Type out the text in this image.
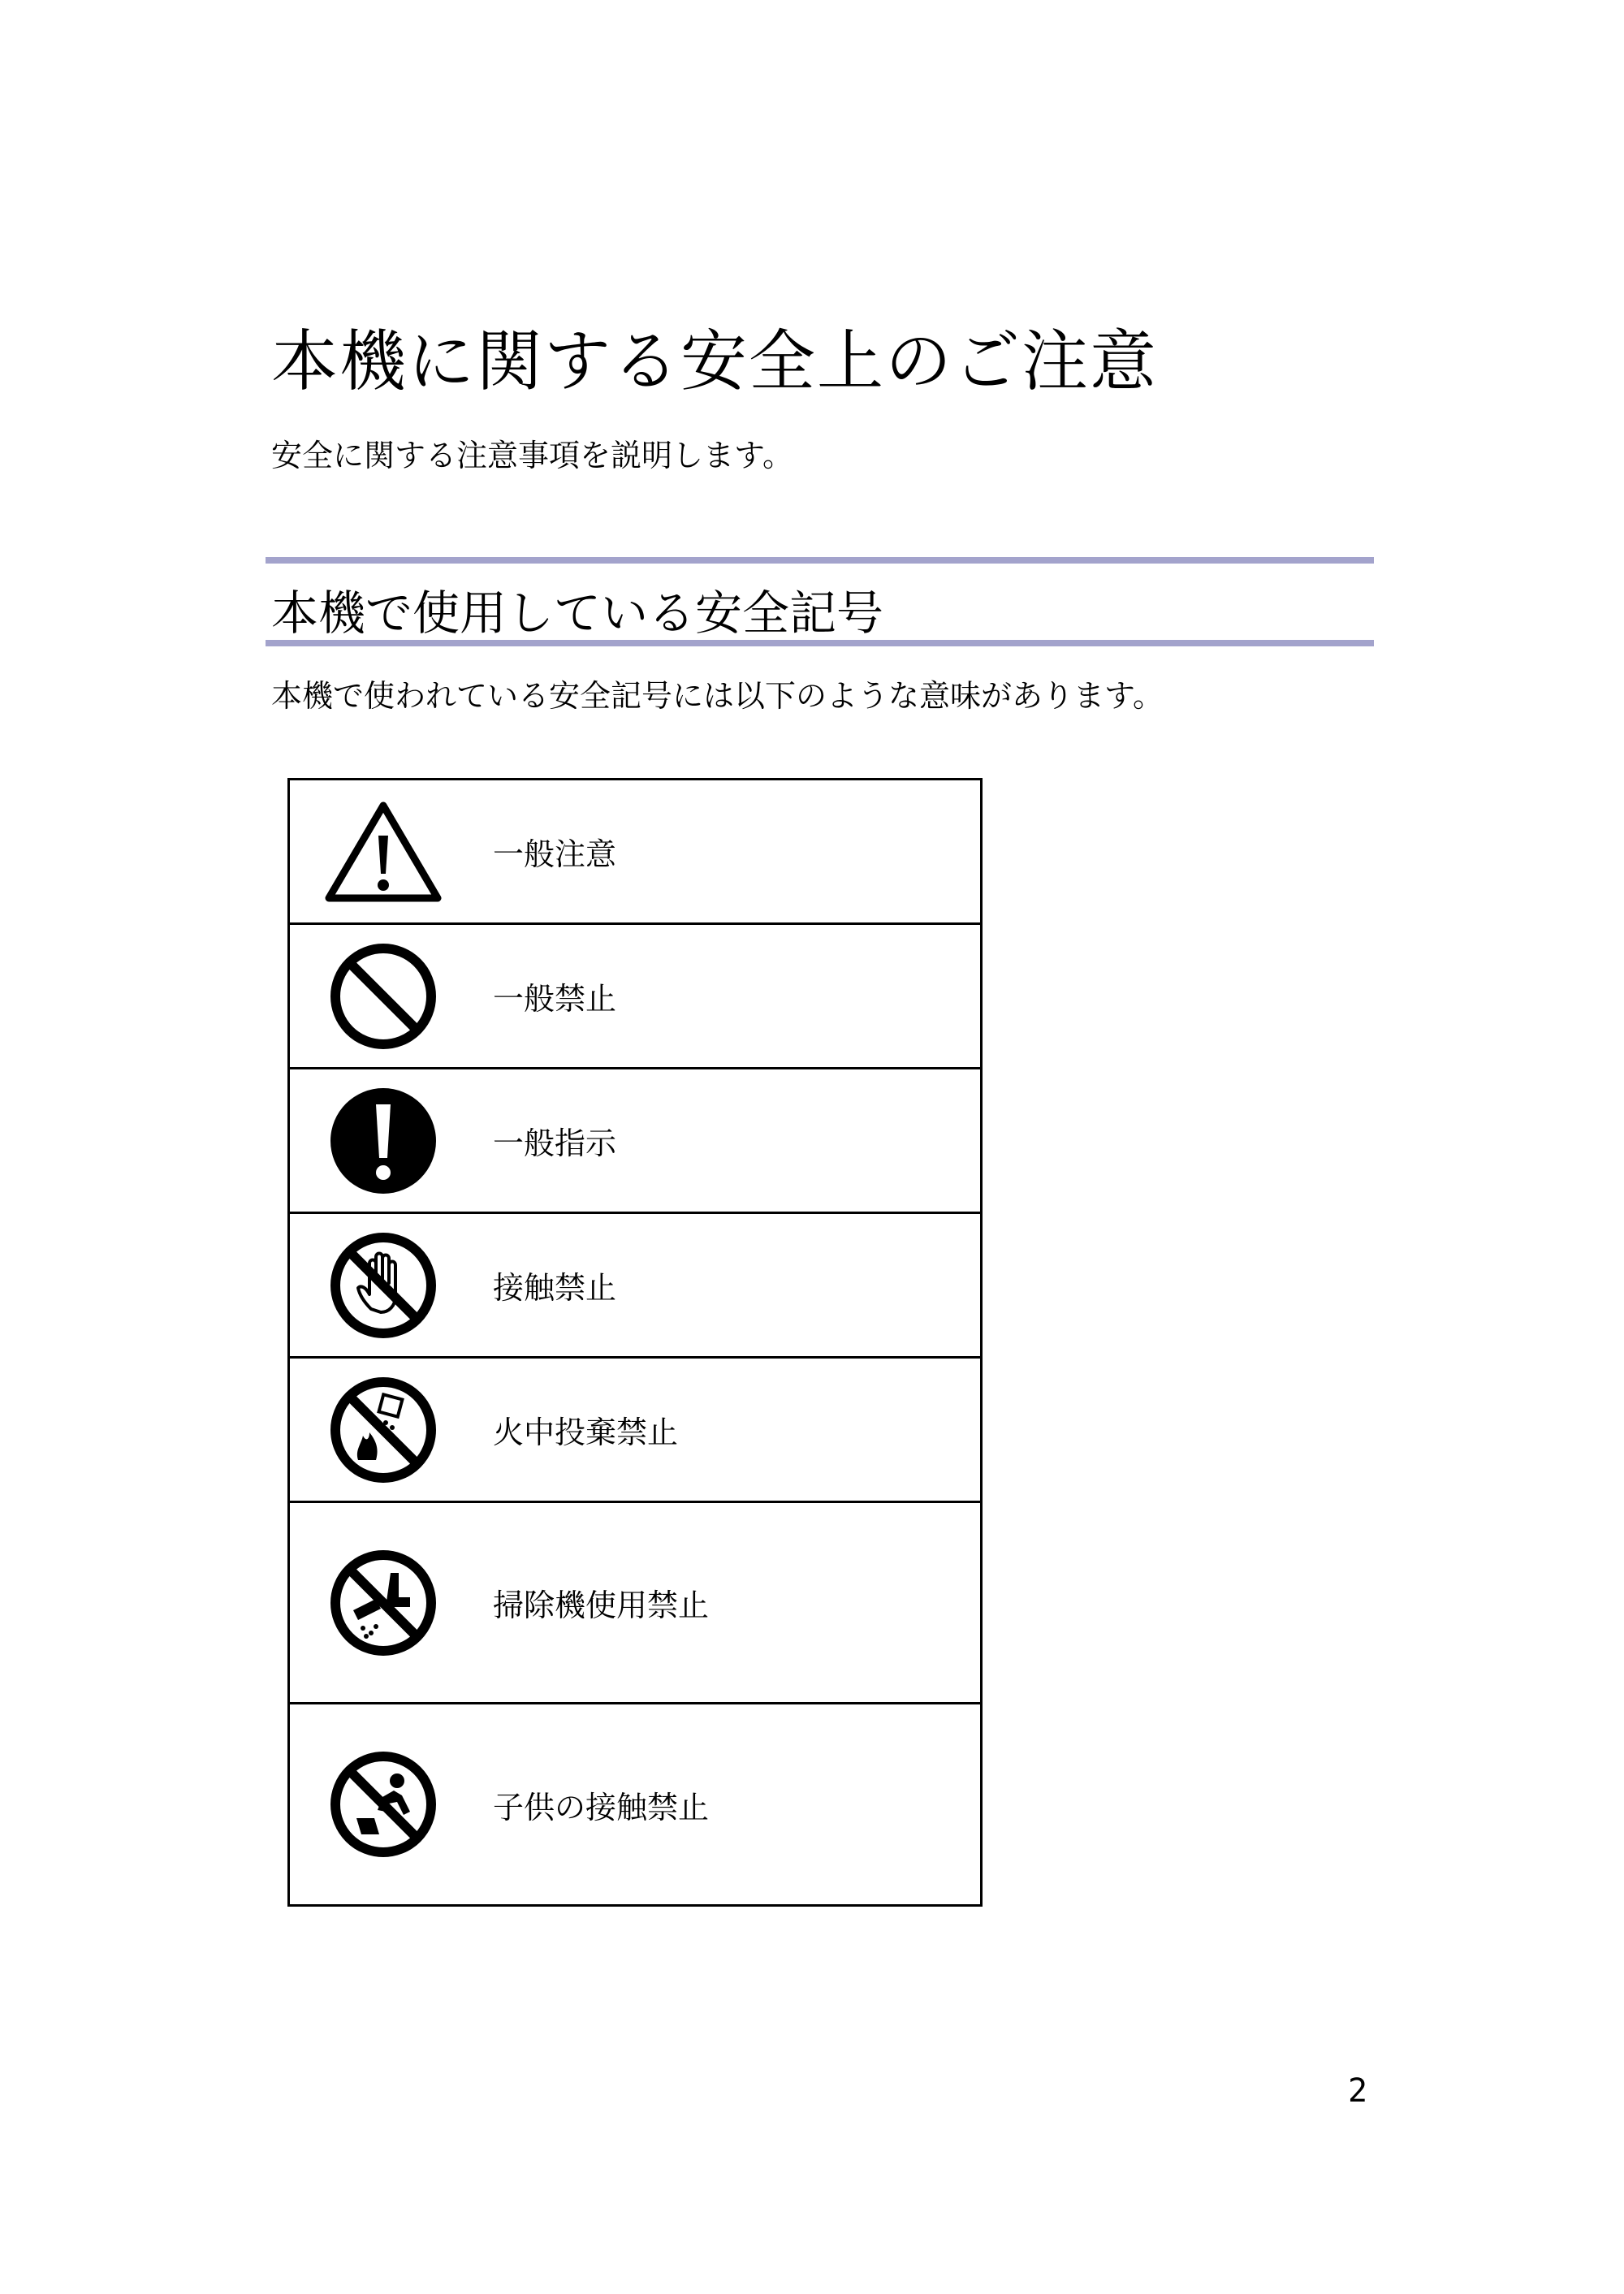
本機に関する安全上のご注意

安全に関する注意事項を説明します。

本機で使用している安全記号

本機で使われている安全記号には以下のような意味があります。

一般注意
一般禁止
一般指示
接触禁止
火中投棄禁止
掃除機使用禁止
子供の接触禁止
2
